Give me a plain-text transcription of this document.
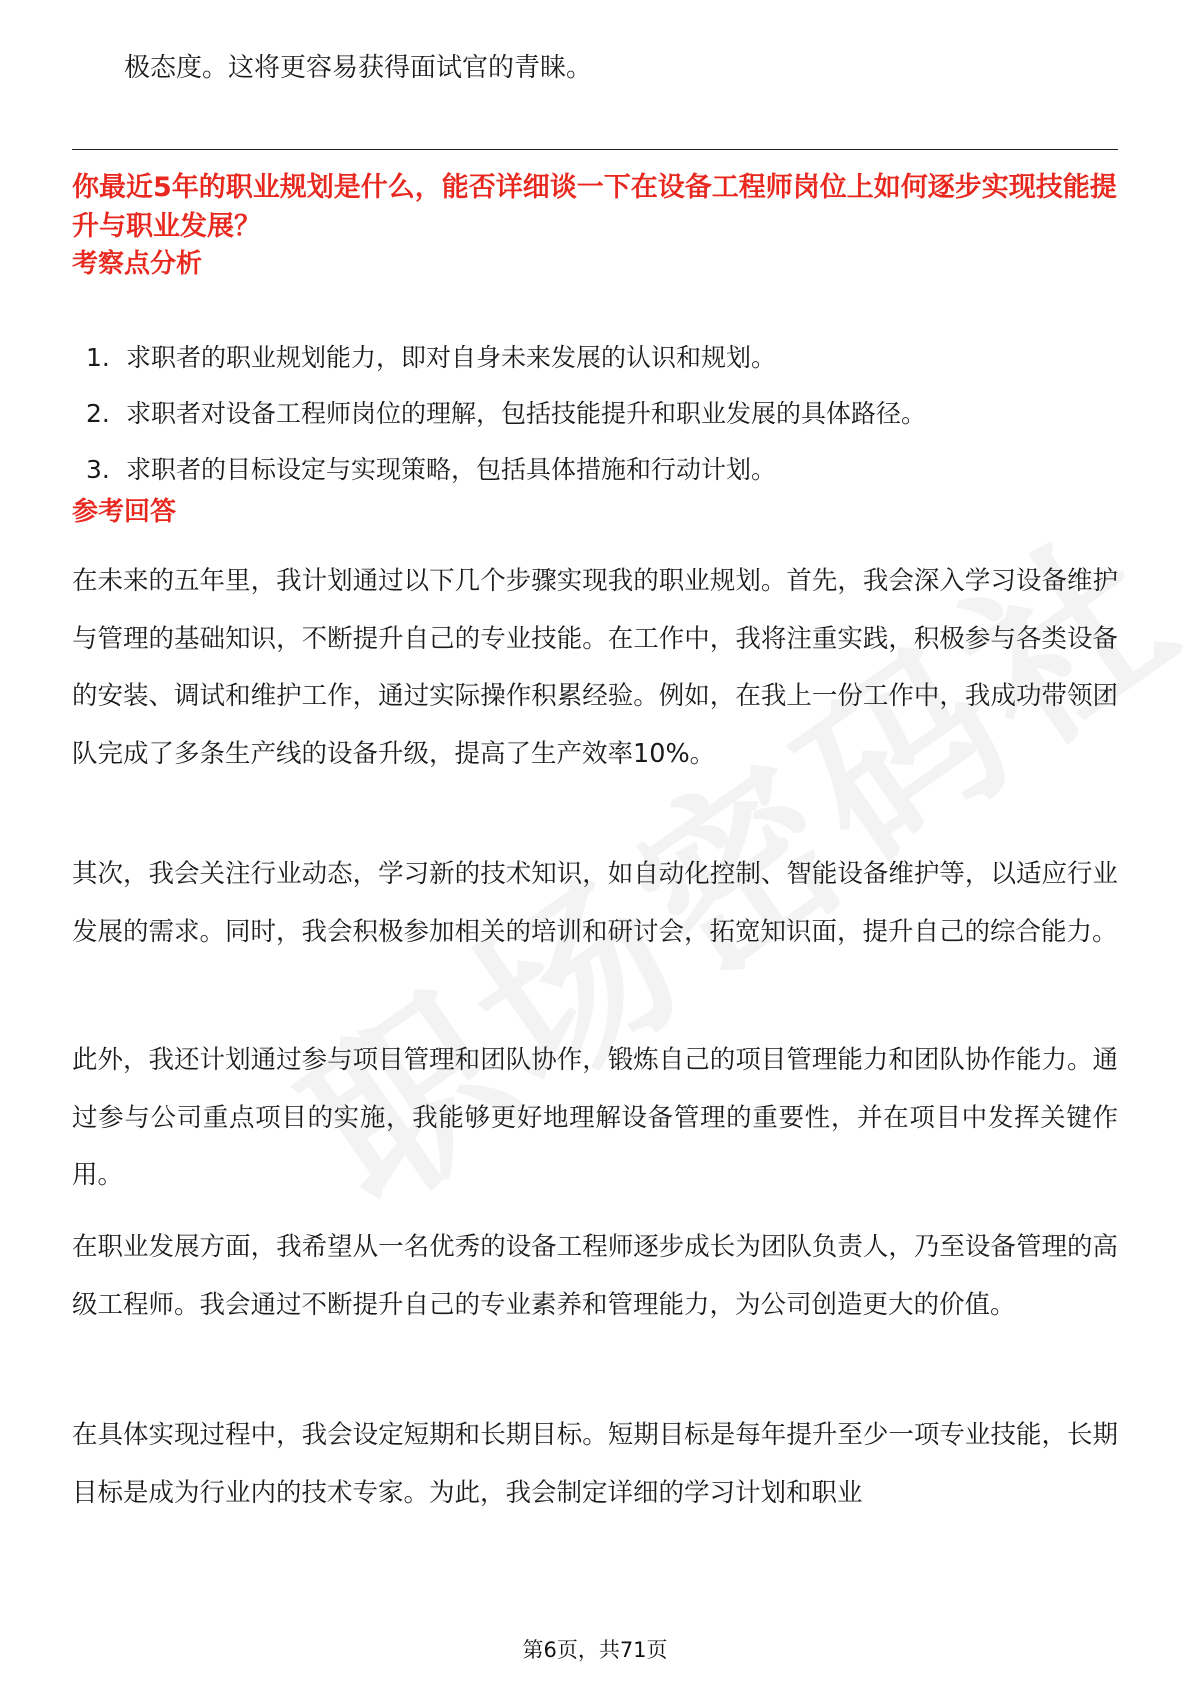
极态度。这将更容易获得面试官的青睐。
你最近5年的职业规划是什么，能否详细谈一下在设备工程师岗位上如何逐步实现技能提升与职业发展？
考察点分析
1. 求职者的职业规划能力，即对自身未来发展的认识和规划。
2. 求职者对设备工程师岗位的理解，包括技能提升和职业发展的具体路径。
3. 求职者的目标设定与实现策略，包括具体措施和行动计划。
参考回答

在未来的五年里，我计划通过以下几个步骤实现我的职业规划。首先，我会深入学习设备维护与管理的基础知识，不断提升自己的专业技能。在工作中，我将注重实践，积极参与各类设备的安装、调试和维护工作，通过实际操作积累经验。例如，在我上一份工作中，我成功带领团队完成了多条生产线的设备升级，提高了生产效率10%。

其次，我会关注行业动态，学习新的技术知识，如自动化控制、智能设备维护等，以适应行业发展的需求。同时，我会积极参加相关的培训和研讨会，拓宽知识面，提升自己的综合能力。

此外，我还计划通过参与项目管理和团队协作，锻炼自己的项目管理能力和团队协作能力。通过参与公司重点项目的实施，我能够更好地理解设备管理的重要性，并在项目中发挥关键作用。

在职业发展方面，我希望从一名优秀的设备工程师逐步成长为团队负责人，乃至设备管理的高级工程师。我会通过不断提升自己的专业素养和管理能力，为公司创造更大的价值。

在具体实现过程中，我会设定短期和长期目标。短期目标是每年提升至少一项专业技能，长期目标是成为行业内的技术专家。为此，我会制定详细的学习计划和职业

第6页，共71页
